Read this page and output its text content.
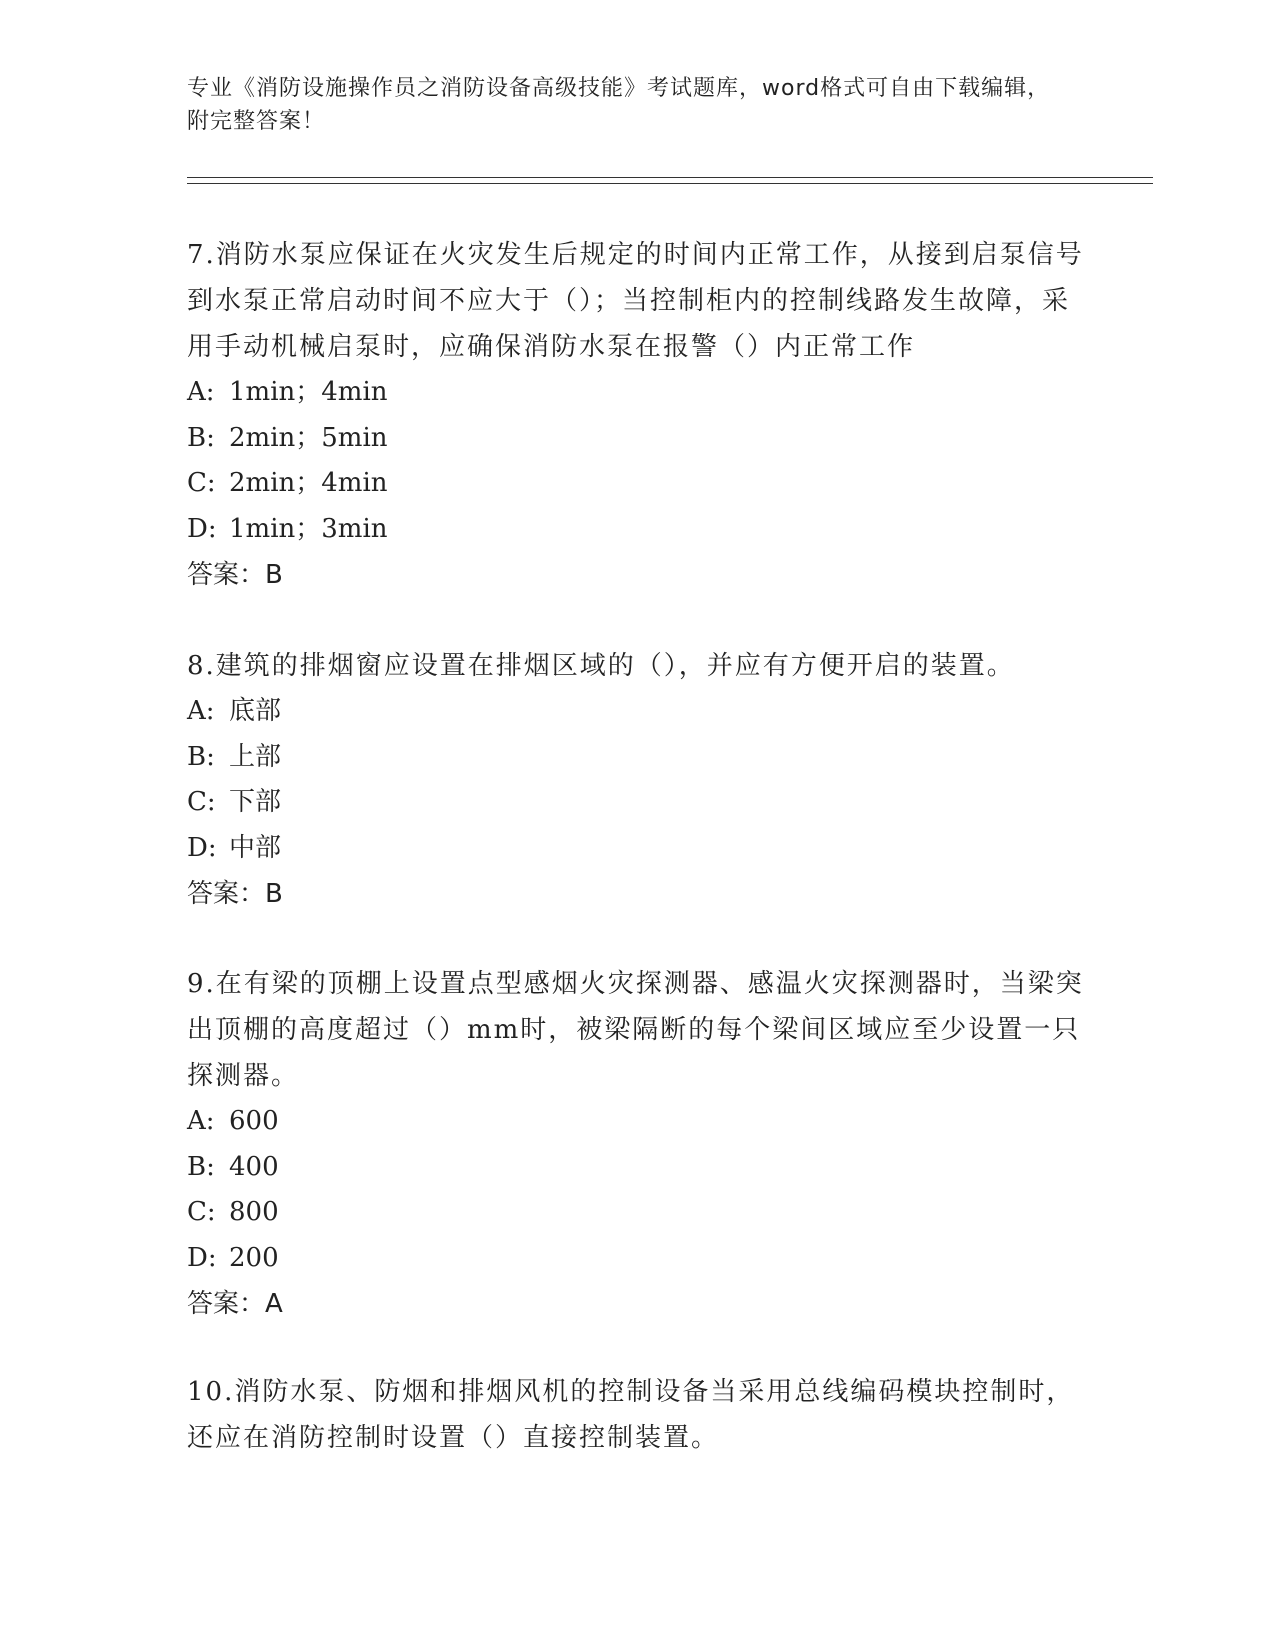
专业《消防设施操作员之消防设备高级技能》考试题库，word格式可自由下载编辑，附完整答案！

7.消防水泵应保证在火灾发生后规定的时间内正常工作，从接到启泵信号到水泵正常启动时间不应大于（）；当控制柜内的控制线路发生故障，采用手动机械启泵时，应确保消防水泵在报警（）内正常工作

A: 1min；4min

B: 2min；5min

C: 2min；4min

D: 1min；3min

答案：B

8.建筑的排烟窗应设置在排烟区域的（），并应有方便开启的装置。

A: 底部

B: 上部

C: 下部

D: 中部

答案：B

9.在有梁的顶棚上设置点型感烟火灾探测器、感温火灾探测器时，当梁突出顶棚的高度超过（）mm时，被梁隔断的每个梁间区域应至少设置一只探测器。

A: 600

B: 400

C: 800

D: 200

答案：A

10.消防水泵、防烟和排烟风机的控制设备当采用总线编码模块控制时，还应在消防控制时设置（）直接控制装置。
